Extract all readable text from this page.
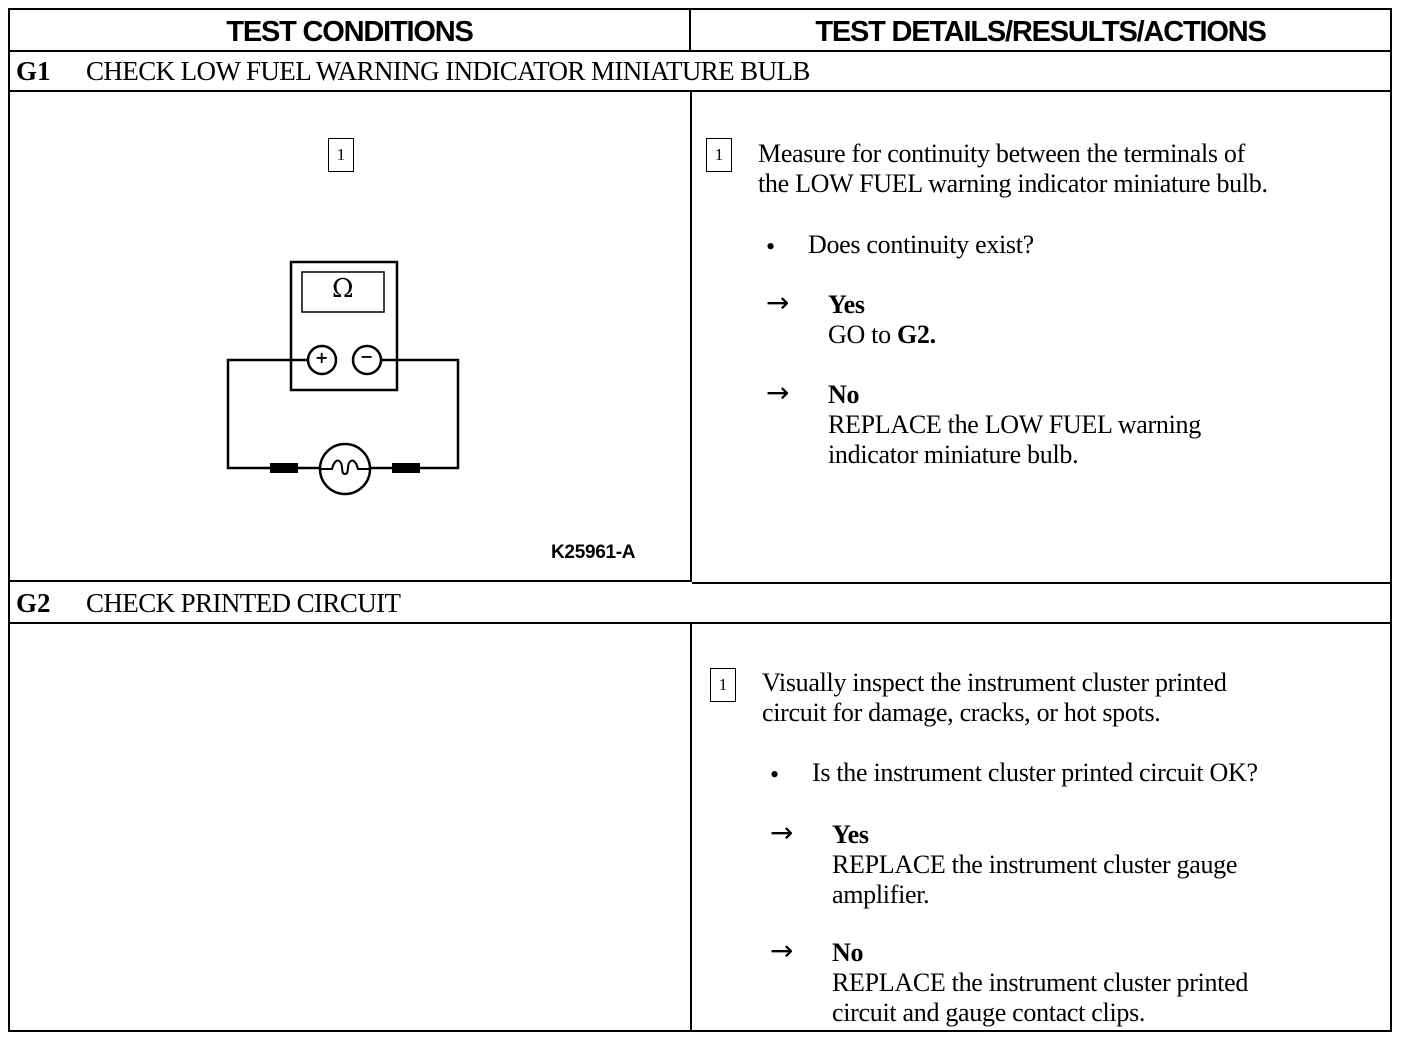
TEST CONDITIONS	TEST DETAILS/RESULTS/ACTIONS
G1 CHECK LOW FUEL WARNING INDICATOR MINIATURE BULB
1
Ω
+ −
K25961-A
1	Measure for continuity between the terminals of
the LOW FUEL warning indicator miniature bulb.
• Does continuity exist?
→ Yes
GO to G2.
→ No
REPLACE the LOW FUEL warning
indicator miniature bulb.
G2 CHECK PRINTED CIRCUIT
1	Visually inspect the instrument cluster printed
circuit for damage, cracks, or hot spots.
• Is the instrument cluster printed circuit OK?
→ Yes
REPLACE the instrument cluster gauge
amplifier.
→ No
REPLACE the instrument cluster printed
circuit and gauge contact clips.
